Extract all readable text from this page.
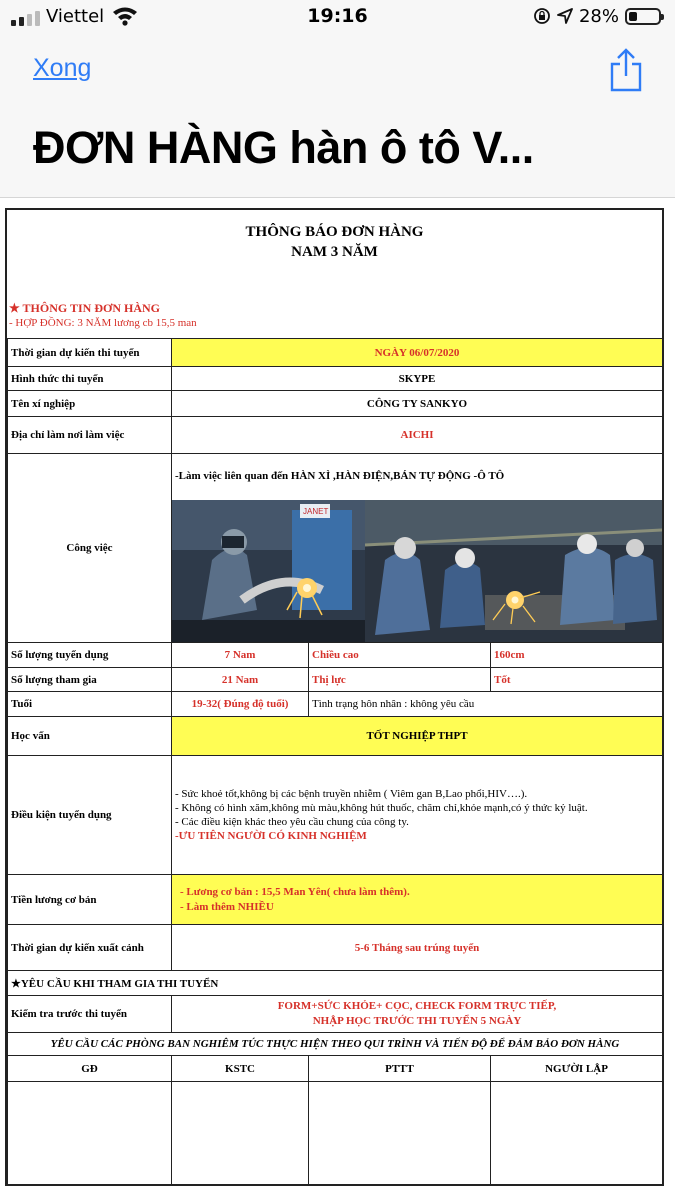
Viettel	19:16	28%
Xong
ĐƠN HÀNG hàn ô tô V...
THÔNG BÁO ĐƠN HÀNG
NAM 3 NĂM
★ THÔNG TIN ĐƠN HÀNG
- HỢP ĐỒNG: 3 NĂM lương cb 15,5 man
Thời gian dự kiến thi tuyển	NGÀY 06/07/2020		
Hình thức thi tuyển	SKYPE		
Tên xí nghiệp	CÔNG TY SANKYO		
Địa chỉ làm nơi làm việc	AICHI		
Công việc	-Làm việc liên quan đến HÀN XÌ ,HÀN ĐIỆN,BÁN TỰ ĐỘNG -Ô TÔ
JANET		

Số lượng tuyển dụng	7 Nam	Chiều cao	160cm
Số lượng tham gia	21 Nam	Thị lực	Tốt
Tuổi	19-32( Đúng độ tuổi)	Tình trạng hôn nhân : không yêu cầu	
Học vấn	TỐT NGHIỆP THPT		
Điều kiện tuyển dụng	- Sức khoẻ tốt,không bị các bệnh truyền nhiễm ( Viêm gan B,Lao phổi,HIV….).
- Không có hình xăm,không mù màu,không hút thuốc, chăm chỉ,khỏe mạnh,có ý thức kỷ luật.
- Các điều kiện khác theo yêu cầu chung của công ty.
-ƯU TIÊN NGƯỜI CÓ KINH NGHIỆM		

Tiền lương cơ bản	- Lương cơ bản : 15,5 Man Yên( chưa làm thêm).
- Làm thêm NHIỀU		

Thời gian dự kiến xuất cảnh	5-6 Tháng sau trúng tuyển		
★YÊU CẦU KHI THAM GIA THI TUYỂN			
Kiểm tra trước thi tuyển	FORM+SỨC KHỎE+ CỌC, CHECK FORM TRỰC TIẾP,
NHẬP HỌC TRƯỚC THI TUYỂN 5 NGÀY		

YÊU CẦU CÁC PHÒNG BAN NGHIÊM TÚC THỰC HIỆN THEO QUI TRÌNH VÀ TIẾN ĐỘ ĐỂ ĐẢM BẢO ĐƠN HÀNG			
GĐ	KSTC	PTTT	NGƯỜI LẬP
